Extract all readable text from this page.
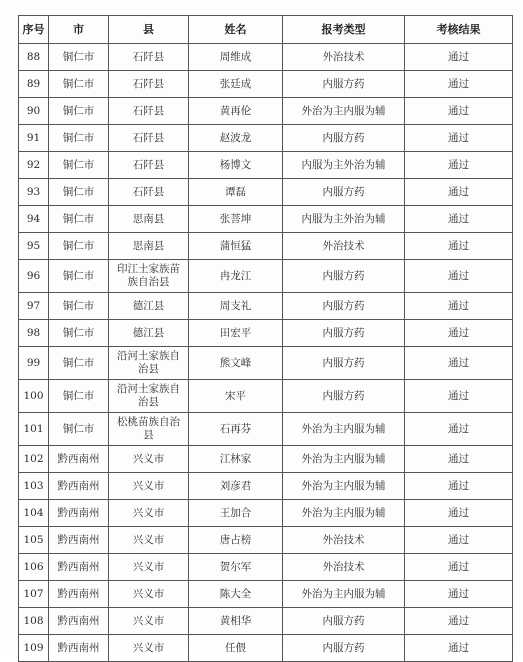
序号	市	县	姓名	报考类型	考核结果
88	铜仁市	石阡县	周维成	外治技术	通过
89	铜仁市	石阡县	张廷成	内服方药	通过
90	铜仁市	石阡县	黄再伦	外治为主内服为辅	通过
91	铜仁市	石阡县	赵波龙	内服方药	通过
92	铜仁市	石阡县	杨博文	内服为主外治为辅	通过
93	铜仁市	石阡县	谭磊	内服方药	通过
94	铜仁市	思南县	张菩坤	内服为主外治为辅	通过
95	铜仁市	思南县	蒲恒猛	外治技术	通过
96	铜仁市	印江土家族苗族自治县	冉龙江	内服方药	通过
97	铜仁市	德江县	周支礼	内服方药	通过
98	铜仁市	德江县	田宏平	内服方药	通过
99	铜仁市	沿河土家族自治县	熊文峰	内服方药	通过
100	铜仁市	沿河土家族自治县	宋平	内服方药	通过
101	铜仁市	松桃苗族自治县	石再芬	外治为主内服为辅	通过
102	黔西南州	兴义市	江林家	外治为主内服为辅	通过
103	黔西南州	兴义市	刘彦君	外治为主内服为辅	通过
104	黔西南州	兴义市	王加合	外治为主内服为辅	通过
105	黔西南州	兴义市	唐占榜	外治技术	通过
106	黔西南州	兴义市	贺尔军	外治技术	通过
107	黔西南州	兴义市	陈大全	外治为主内服为辅	通过
108	黔西南州	兴义市	黄相华	内服方药	通过
109	黔西南州	兴义市	任偎	内服方药	通过
